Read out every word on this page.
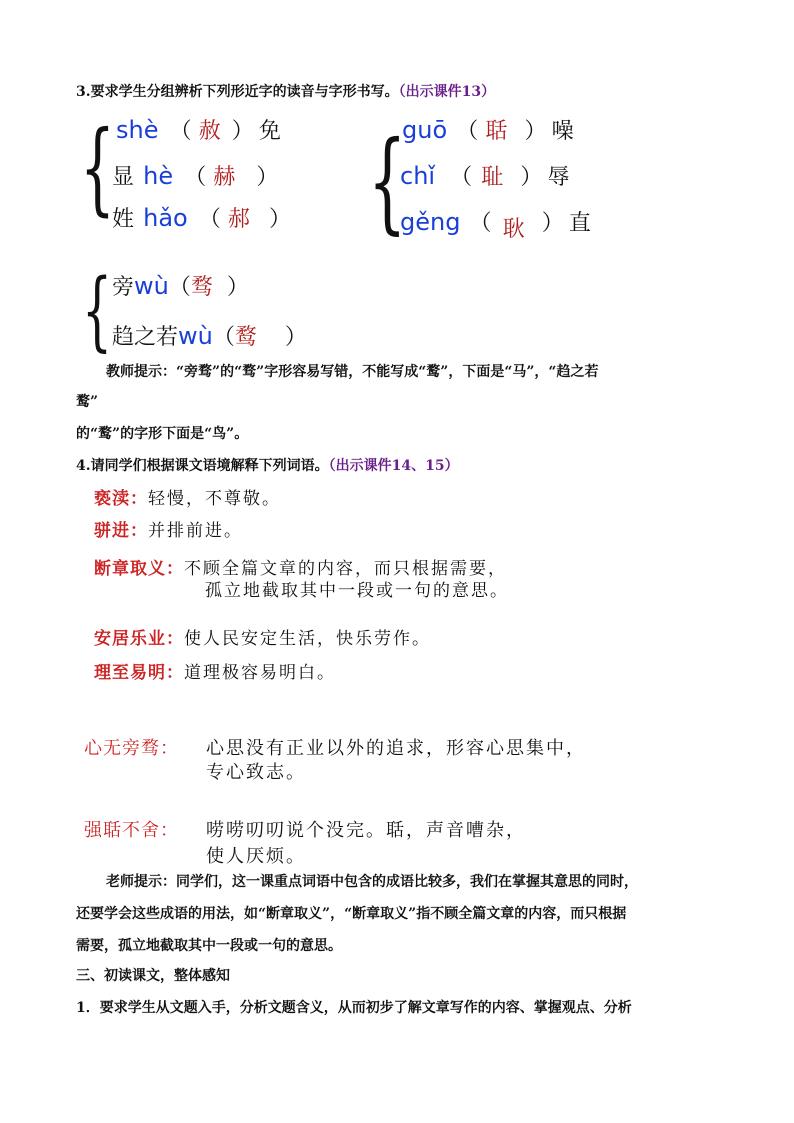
3.要求学生分组辨析下列形近字的读音与字形书写。（出示课件13）
{ shè （ 赦 ） 免
显 hè （ 赫 ）
姓 hǎo （ 郝 ） {
guō （ 聒 ） 噪
chǐ （ 耻 ） 辱
gěng （ 耿 ） 直
{ 旁wù（骛 ）
趋之若wù（鹜 ）
教师提示：“旁骛”的“骛”字形容易写错，不能写成“鹜”，下面是“马”，“趋之若
鹜”
的“鹜”的字形下面是“鸟”。
4.请同学们根据课文语境解释下列词语。（出示课件14、15）
亵渎：轻慢，不尊敬。
骈进：并排前进。
断章取义：不顾全篇文章的内容，而只根据需要，
孤立地截取其中一段或一句的意思。
安居乐业：使人民安定生活，快乐劳作。
理至易明：道理极容易明白。
心无旁骛： 心思没有正业以外的追求，形容心思集中，
专心致志。
强聒不舍： 唠唠叨叨说个没完。聒，声音嘈杂，
使人厌烦。
老师提示：同学们，这一课重点词语中包含的成语比较多，我们在掌握其意思的同时，
还要学会这些成语的用法，如“断章取义”，“断章取义”指不顾全篇文章的内容，而只根据
需要，孤立地截取其中一段或一句的意思。
三、初读课文，整体感知
1．要求学生从文题入手，分析文题含义，从而初步了解文章写作的内容、掌握观点、分析
